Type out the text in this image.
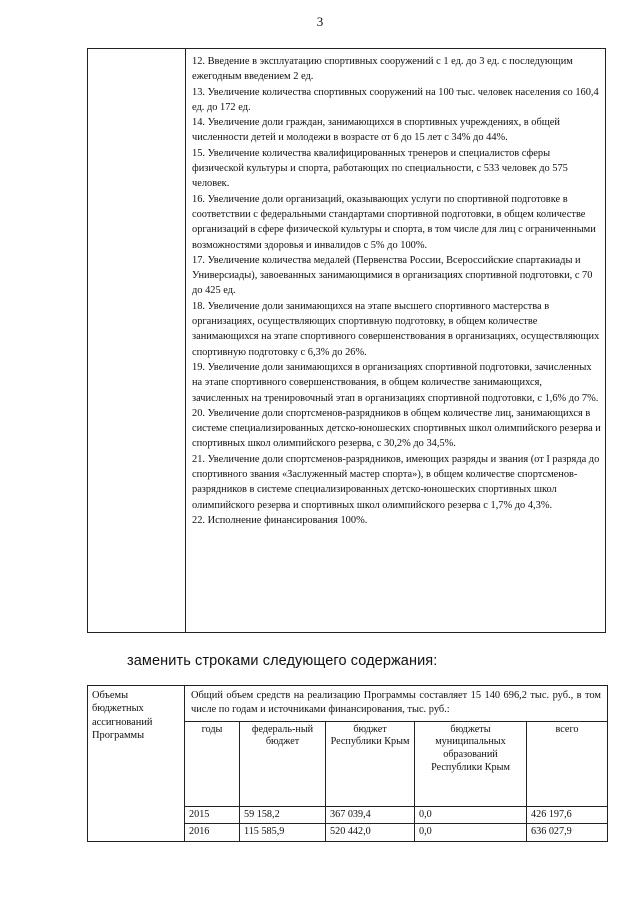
3

12. Введение в эксплуатацию спортивных сооружений с 1 ед. до 3 ед. с последующим ежегодным введением 2 ед.

13. Увеличение количества спортивных сооружений на 100 тыс. человек населения со 160,4 ед. до 172 ед.

14. Увеличение доли граждан, занимающихся в спортивных учреждениях, в общей численности детей и молодежи в возрасте от 6 до 15 лет с 34% до 44%.

15. Увеличение количества квалифицированных тренеров и специалистов сферы физической культуры и спорта, работающих по специальности, с 533 человек до 575 человек.

16. Увеличение доли организаций, оказывающих услуги по спортивной подготовке в соответствии с федеральными стандартами спортивной подготовки, в общем количестве организаций в сфере физической культуры и спорта, в том числе для лиц с ограниченными возможностями здоровья и инвалидов с 5% до 100%.

17. Увеличение количества медалей (Первенства России, Всероссийские спартакиады и Универсиады), завоеванных занимающимися в организациях спортивной подготовки, с 70 до 425 ед.

18. Увеличение доли занимающихся на этапе высшего спортивного мастерства в организациях, осуществляющих спортивную подготовку, в общем количестве занимающихся на этапе спортивного совершенствования в организациях, осуществляющих спортивную подготовку с 6,3% до 26%.

19. Увеличение доли занимающихся в организациях спортивной подготовки, зачисленных на этапе спортивного совершенствования, в общем количестве занимающихся, зачисленных на тренировочный этап в организациях спортивной подготовки, с 1,6% до 7%.

20. Увеличение доли спортсменов-разрядников в общем количестве лиц, занимающихся в системе специализированных детско-юношеских спортивных школ олимпийского резерва и спортивных школ олимпийского резерва, с 30,2% до 34,5%.

21. Увеличение доли спортсменов-разрядников, имеющих разряды и звания (от I разряда до спортивного звания «Заслуженный мастер спорта»), в общем количестве спортсменов-разрядников в системе специализированных детско-юношеских спортивных школ олимпийского резерва и спортивных школ олимпийского резерва с 1,7% до 4,3%.

22. Исполнение финансирования 100%.

заменить строками следующего содержания:
Объемы бюджетных ассигнований Программы	
Общий объем средств на реализацию Программы составляет 15 140 696,2 тыс. руб., в том числе по годам и источниками финансирования, тыс. руб.:
годы	федераль-ный бюджет	бюджет Республики Крым	бюджеты муниципальных образований Республики Крым	всего
2015	59 158,2	367 039,4	0,0	426 197,6
2016	115 585,9	520 442,0	0,0	636 027,9
